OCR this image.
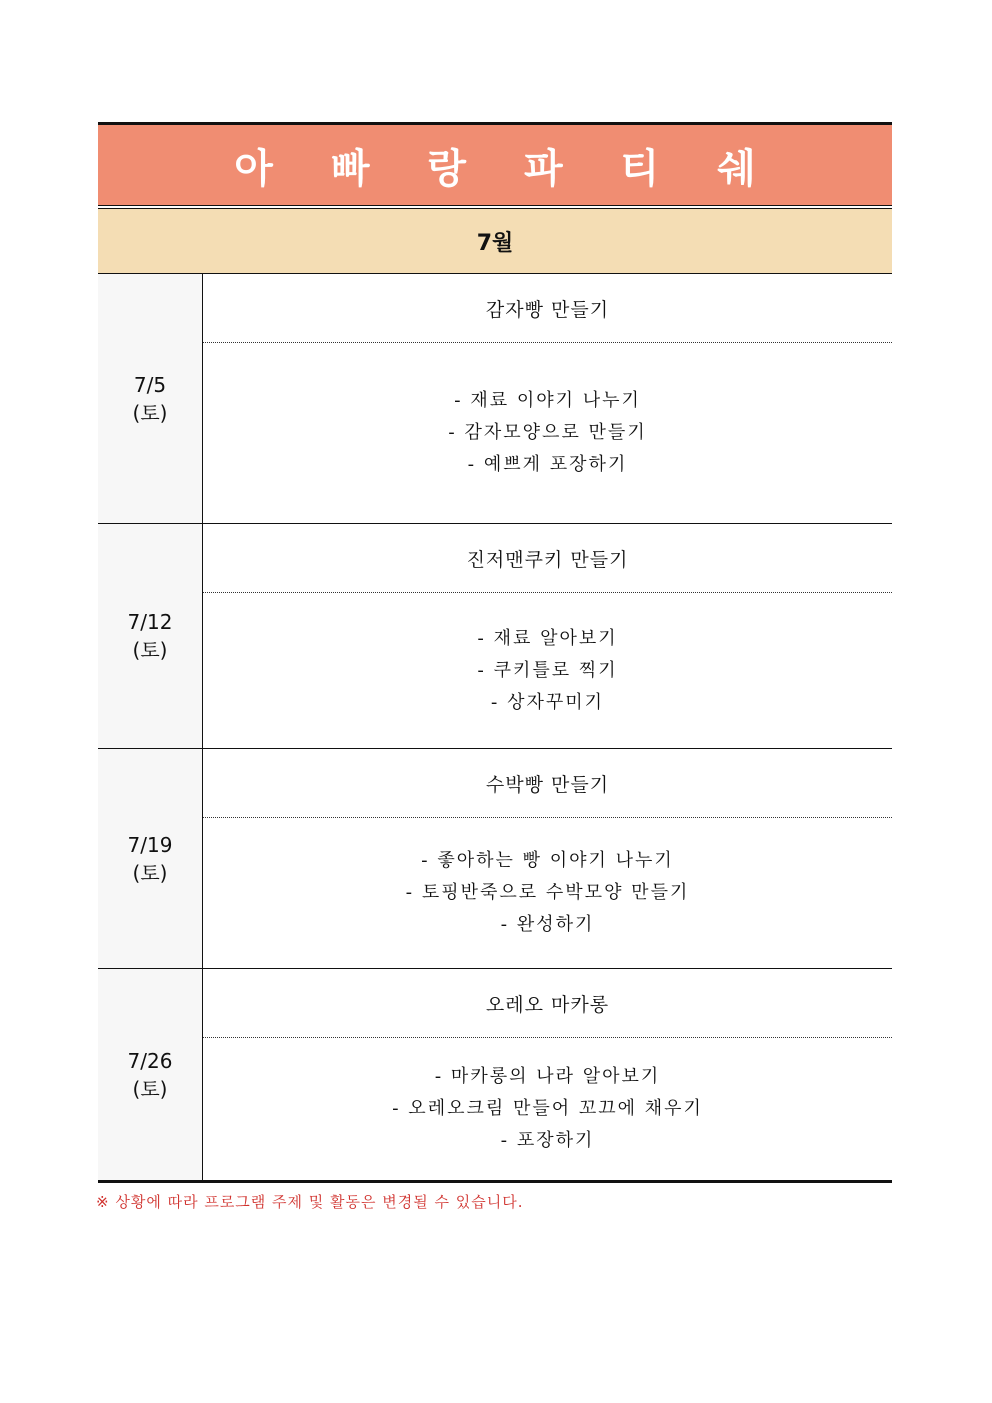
아 빠 랑 파 티 쉐
7월
7/5
(토)
감자빵 만들기
- 재료 이야기 나누기
- 감자모양으로 만들기
- 예쁘게 포장하기
7/12
(토)
진저맨쿠키 만들기
- 재료 알아보기
- 쿠키틀로 찍기
- 상자꾸미기
7/19
(토)
수박빵 만들기
- 좋아하는 빵 이야기 나누기
- 토핑반죽으로 수박모양 만들기
- 완성하기
7/26
(토)
오레오 마카롱
- 마카롱의 나라 알아보기
- 오레오크림 만들어 꼬끄에 채우기
- 포장하기
※ 상황에 따라 프로그램 주제 및 활동은 변경될 수 있습니다.
